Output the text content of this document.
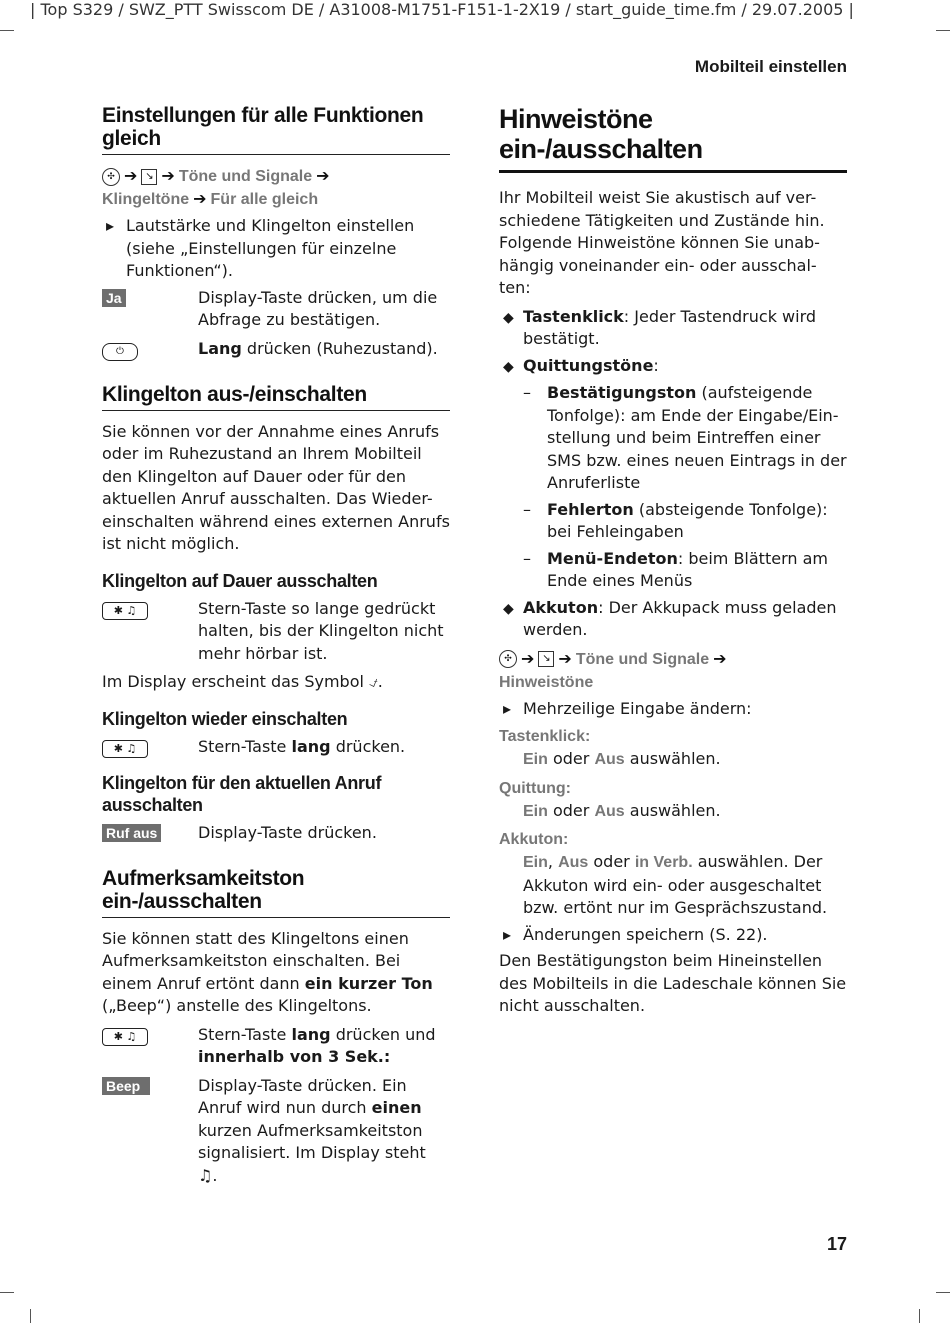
| Top S329 / SWZ_PTT Swisscom DE / A31008-M1751-F151-1-2X19 / start_guide_time.fm / 29.07.2005 |
Mobilteil einstellen
17
Einstellungen für alle Funktionen gleich
✣ ➔ ↘ ➔ Töne und Signale ➔
Klingeltöne ➔ Für alle gleich
▸ Lautstärke und Klingelton einstellen (siehe „Einstellungen für einzelne Funktionen“).
Ja	Display-Taste drücken, um die Abfrage zu bestätigen.
⏻	Lang drücken (Ruhezustand).
Klingelton aus-/einschalten

Sie können vor der Annahme eines Anrufs oder im Ruhezustand an Ihrem Mobilteil den Klingelton auf Dauer oder für den aktuellen Anruf ausschalten. Das Wieder-einschalten während eines externen Anrufs ist nicht möglich.

Klingelton auf Dauer ausschalten
✱ ♫	Stern-Taste so lange gedrückt halten, bis der Klingelton nicht mehr hörbar ist.

Im Display erscheint das Symbol ⍻.

Klingelton wieder einschalten
✱ ♫	Stern-Taste lang drücken.
Klingelton für den aktuellen Anruf ausschalten
Ruf aus	Display-Taste drücken.
Aufmerksamkeitston ein-/ausschalten

Sie können statt des Klingeltons einen Aufmerksamkeitston einschalten. Bei einem Anruf ertönt dann ein kurzer Ton („Beep“) anstelle des Klingeltons.

✱ ♫	Stern-Taste lang drücken und innerhalb von 3 Sek.:
Beep	Display-Taste drücken. Ein Anruf wird nun durch einen kurzen Aufmerksamkeitston signalisiert. Im Display steht ♫.
Hinweistöne ein-/ausschalten

Ihr Mobilteil weist Sie akustisch auf ver-schiedene Tätigkeiten und Zustände hin. Folgende Hinweistöne können Sie unab-hängig voneinander ein- oder ausschal-ten:

◆ Tastenklick: Jeder Tastendruck wird bestätigt.
◆ Quittungstöne:
–	Bestätigungston (aufsteigende Tonfolge): am Ende der Eingabe/Ein-stellung und beim Eintreffen einer SMS bzw. eines neuen Eintrags in der Anruferliste
–	Fehlerton (absteigende Tonfolge): bei Fehleingaben
–	Menü-Endeton: beim Blättern am Ende eines Menüs
◆ Akkuton: Der Akkupack muss geladen werden.
✣ ➔ ↘ ➔ Töne und Signale ➔
Hinweistöne
▸ Mehrzeilige Eingabe ändern:
Tastenklick:
Ein oder Aus auswählen.
Quittung:
Ein oder Aus auswählen.
Akkuton:
Ein, Aus oder in Verb. auswählen. Der Akkuton wird ein- oder ausgeschaltet bzw. ertönt nur im Gesprächszustand.
▸ Änderungen speichern (S. 22).

Den Bestätigungston beim Hineinstellen des Mobilteils in die Ladeschale können Sie nicht ausschalten.
